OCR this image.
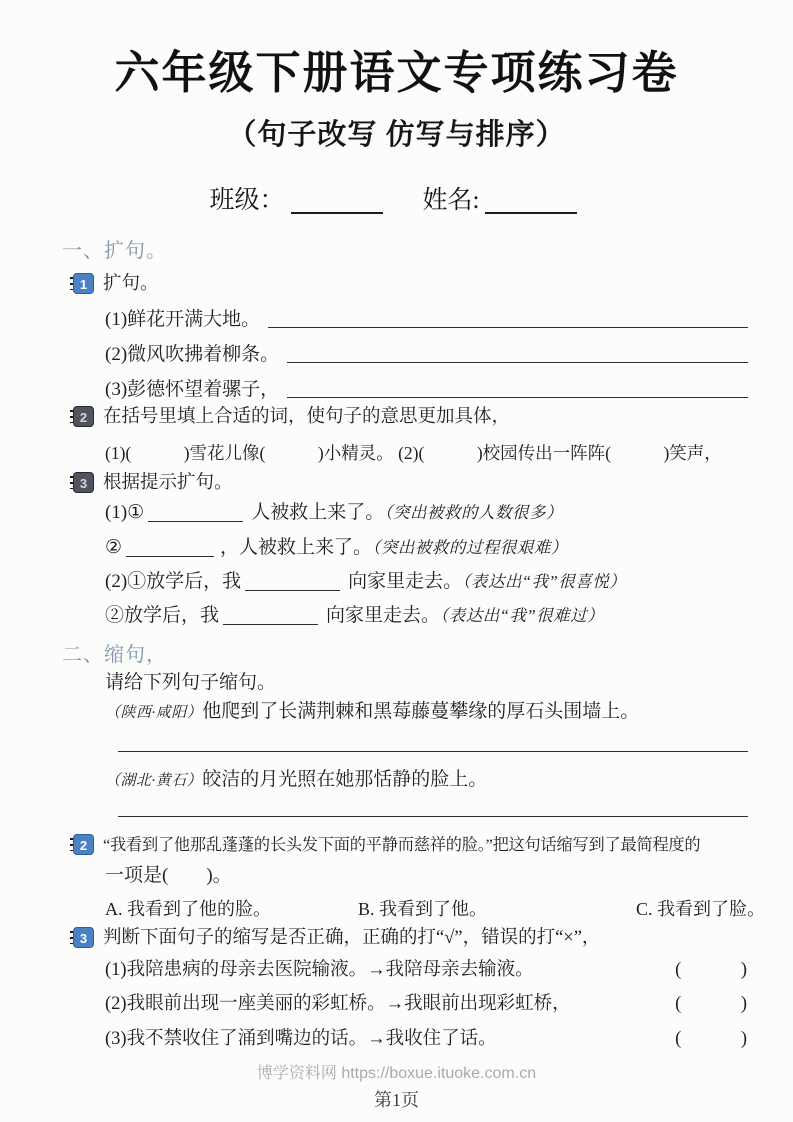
六年级下册语文专项练习卷
（句子改写 仿写与排序）
班级：	姓名:
一、扩句。
1 扩句。
(1)鲜花开满大地。
(2)微风吹拂着柳条。
(3)彭德怀望着骡子，
2 在括号里填上合适的词，使句子的意思更加具体，
(1)(　　　)雪花儿像(　　　)小精灵。 (2)(　　　)校园传出一阵阵(　　　)笑声，
3 根据提示扩句。
(1)①	人被救上来了。（突出被救的人数很多）
②	，人被救上来了。（突出被救的过程很艰难）
(2)①放学后，我	向家里走去。（表达出“我”很喜悦）
②放学后，我	向家里走去。（表达出“我”很难过）
二、缩句，
请给下列句子缩句。
（陕西·咸阳）他爬到了长满荆棘和黑莓藤蔓攀缘的厚石头围墙上。
（湖北·黄石）皎洁的月光照在她那恬静的脸上。
2 “我看到了他那乱蓬蓬的长头发下面的平静而慈祥的脸。”把这句话缩写到了最简程度的
一项是(　　)。
A. 我看到了他的脸。	B. 我看到了他。	C. 我看到了脸。
3 判断下面句子的缩写是否正确，正确的打“√”，错误的打“×”，
(1)我陪患病的母亲去医院输液。→我陪母亲去输液。	(　　　)
(2)我眼前出现一座美丽的彩虹桥。→我眼前出现彩虹桥，	(　　　)
(3)我不禁收住了涌到嘴边的话。→我收住了话。	(　　　)
博学资料网 https://boxue.ituoke.com.cn
第1页
